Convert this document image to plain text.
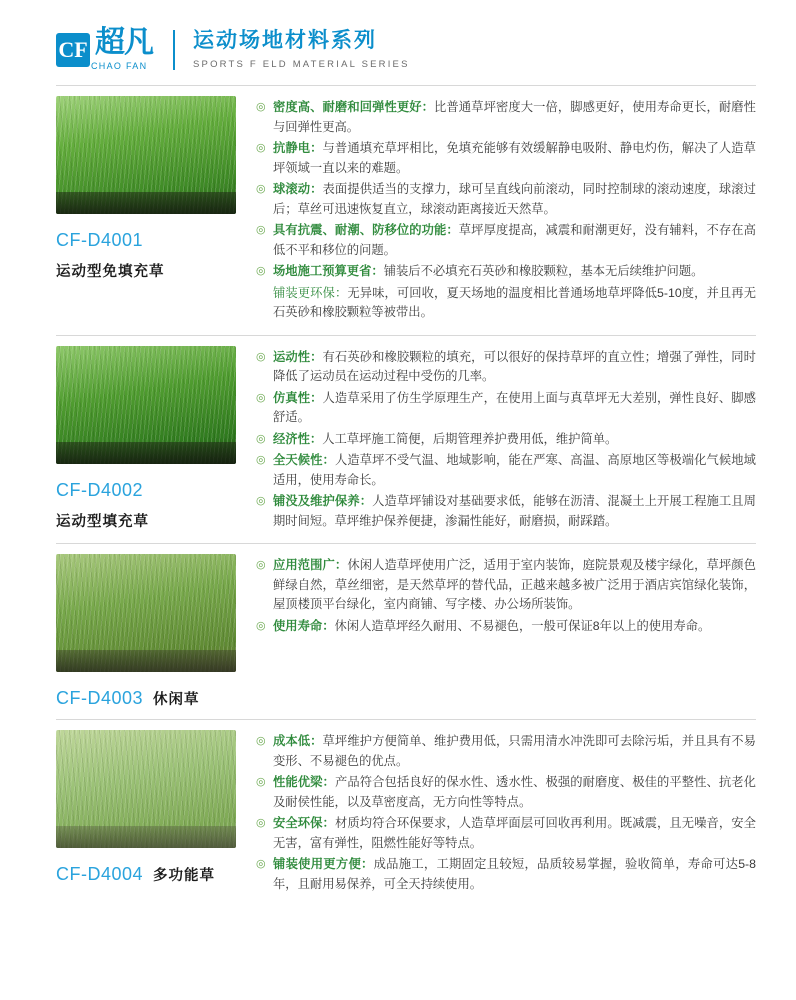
CF 超凡
CHAO FAN
运动场地材料系列
SPORTS F ELD MATERIAL SERIES
CF-D4001
运动型免填充草
◎ 密度高、耐磨和回弹性更好：比普通草坪密度大一倍，脚感更好，使用寿命更长，耐磨性与回弹性更高。
◎ 抗静电：与普通填充草坪相比，免填充能够有效缓解静电吸附、静电灼伤，解决了人造草坪领域一直以来的难题。
◎ 球滚动：表面提供适当的支撑力，球可呈直线向前滚动，同时控制球的滚动速度，球滚过后；草丝可迅速恢复直立，球滚动距离接近天然草。
◎ 具有抗震、耐潮、防移位的功能：草坪厚度提高，减震和耐潮更好，没有辅料，不存在高低不平和移位的问题。
◎ 场地施工预算更省：铺装后不必填充石英砂和橡胶颗粒，基本无后续维护问题。
铺装更环保：无异味，可回收，夏天场地的温度相比普通场地草坪降低5-10度，并且再无石英砂和橡胶颗粒等被带出。
CF-D4002
运动型填充草
◎ 运动性：有石英砂和橡胶颗粒的填充，可以很好的保持草坪的直立性；增强了弹性，同时降低了运动员在运动过程中受伤的几率。
◎ 仿真性：人造草采用了仿生学原理生产，在使用上面与真草坪无大差别，弹性良好、脚感舒适。
◎ 经济性：人工草坪施工简便，后期管理养护费用低，维护简单。
◎ 全天候性：人造草坪不受气温、地域影响，能在严寒、高温、高原地区等极端化气候地域适用，使用寿命长。
◎ 铺没及维护保养：人造草坪铺设对基础要求低，能够在沥清、混凝土上开展工程施工且周期时间短。草坪维护保养便捷，渗漏性能好，耐磨损，耐踩踏。
CF-D4003 休闲草
◎ 应用范围广：休闲人造草坪使用广泛，适用于室内装饰，庭院景观及楼宇绿化，草坪颜色鲜绿自然，草丝细密，是天然草坪的替代品，正越来越多被广泛用于酒店宾馆绿化装饰，屋顶楼顶平台绿化，室内商铺、写字楼、办公场所装饰。
◎ 使用寿命：休闲人造草坪经久耐用、不易褪色，一般可保证8年以上的使用寿命。
CF-D4004 多功能草
◎ 成本低：草坪维护方便简单、维护费用低，只需用清水冲洗即可去除污垢，并且具有不易变形、不易褪色的优点。
◎ 性能优梁：产品符合包括良好的保水性、透水性、极强的耐磨度、极佳的平整性、抗老化及耐侯性能，以及草密度高，无方向性等特点。
◎ 安全环保：材质均符合环保要求，人造草坪面层可回收再利用。既减震，且无噪音，安全无害，富有弹性，阻燃性能好等特点。
◎ 铺装使用更方便：成品施工，工期固定且较短，品质较易掌握，验收简单，寿命可达5-8年，且耐用易保养，可全天持续使用。
